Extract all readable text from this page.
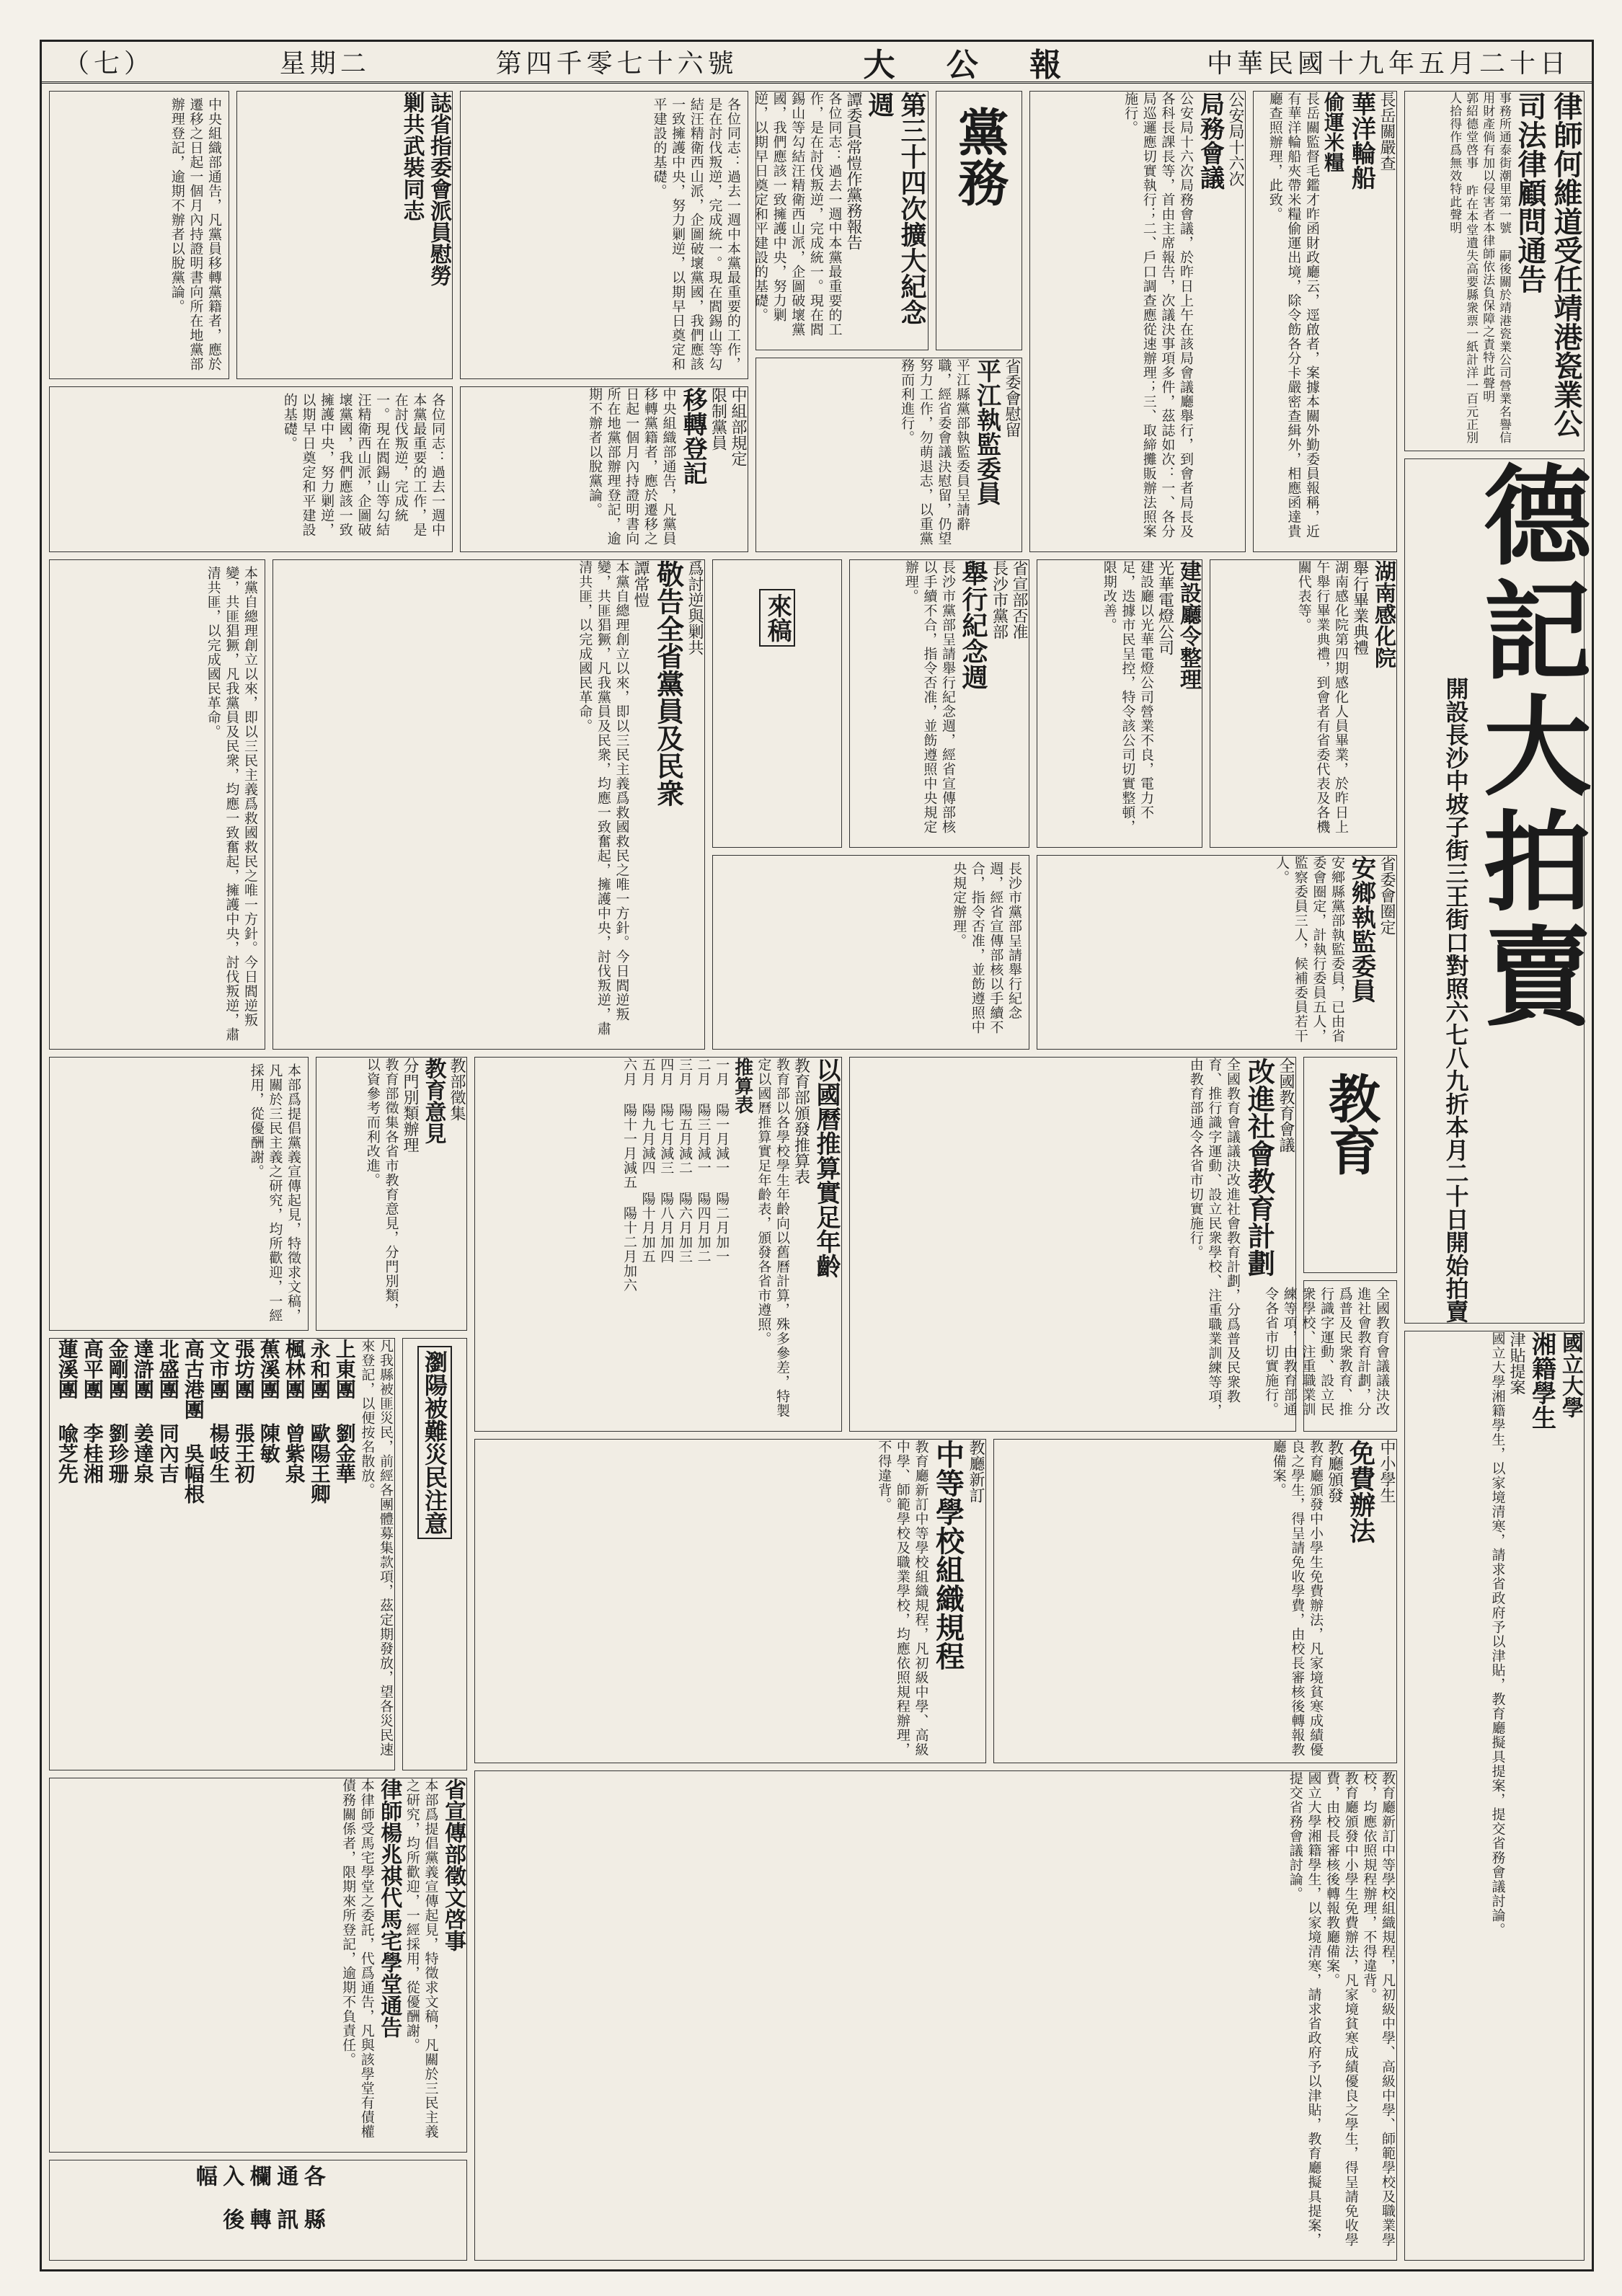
中華民國十九年五月二十日
大 公 報
第四千零七十六號
星期二
（七）
律師何維道受任靖港瓷業公司法律顧問通告
事務所通泰街潮里第一號 嗣後關於靖港瓷業公司營業名譽信用財產倘有加以侵害者本律師依法負保障之責特此聲明
郭紹德堂啓事 昨在本堂遺失高要縣衆票一紙計洋一百元正別人拾得作爲無效特此聲明
德記大拍賣
六七八九折本月二十日開始拍賣
開設長沙中坡子街三王街口對照
長岳關嚴查
華洋輪船
偷運米糧
長岳關監督毛鑑才昨函財政廳云，逕啟者，案據本關外勤委員報稱，近有華洋輪船夾帶米糧偷運出境，除令飭各分卡嚴密查緝外，相應函達貴廳查照辦理，此致。
公安局十六次
局務會議
公安局十六次局務會議，於昨日上午在該局會議廳舉行，到會者局長及各科長課長等，首由主席報告，次議決事項多件，茲誌如次：一、各分局巡邏應切實執行；二、戶口調查應從速辦理；三、取締攤販辦法照案施行。
黨務
第三十四次擴大紀念週
譚委員常愷作黨務報告
各位同志：過去一週中本黨最重要的工作，是在討伐叛逆，完成統一。現在閻錫山等勾結汪精衛西山派，企圖破壞黨國，我們應該一致擁護中央，努力剿逆，以期早日奠定和平建設的基礎。
各位同志：過去一週中本黨最重要的工作，是在討伐叛逆，完成統一。現在閻錫山等勾結汪精衛西山派，企圖破壞黨國，我們應該一致擁護中央，努力剿逆，以期早日奠定和平建設的基礎。
誌省指委會派員慰勞
剿共武裝同志
中央組織部通告，凡黨員移轉黨籍者，應於遷移之日起一個月內持證明書向所在地黨部辦理登記，逾期不辦者以脫黨論。
省委會慰留
平江執監委員
平江縣黨部執監委員呈請辭職，經省委會議決慰留，仍望努力工作，勿萌退志，以重黨務而利進行。
中組部規定
限制黨員
移轉登記
中央組織部通告，凡黨員移轉黨籍者，應於遷移之日起一個月內持證明書向所在地黨部辦理登記，逾期不辦者以脫黨論。
各位同志：過去一週中本黨最重要的工作，是在討伐叛逆，完成統一。現在閻錫山等勾結汪精衛西山派，企圖破壞黨國，我們應該一致擁護中央，努力剿逆，以期早日奠定和平建設的基礎。
湖南感化院
舉行畢業典禮
湖南感化院第四期感化人員畢業，於昨日上午舉行畢業典禮，到會者有省委代表及各機關代表等。
建設廳令整理
光華電燈公司
建設廳以光華電燈公司營業不良，電力不足，迭據市民呈控，特令該公司切實整頓，限期改善。
省宣部否准
長沙市黨部
舉行紀念週
長沙市黨部呈請舉行紀念週，經省宣傳部核以手續不合，指令否准，並飭遵照中央規定辦理。
來稿
爲討逆與剿共
敬告全省黨員及民衆
譚常愷
本黨自總理創立以來，即以三民主義爲救國救民之唯一方針。今日閻逆叛變，共匪猖獗，凡我黨員及民衆，均應一致奮起，擁護中央，討伐叛逆，肅清共匪，以完成國民革命。
本黨自總理創立以來，即以三民主義爲救國救民之唯一方針。今日閻逆叛變，共匪猖獗，凡我黨員及民衆，均應一致奮起，擁護中央，討伐叛逆，肅清共匪，以完成國民革命。
省委會圈定
安鄉執監委員
安鄉縣黨部執監委員，已由省委會圈定，計執行委員五人，監察委員三人，候補委員若干人。
長沙市黨部呈請舉行紀念週，經省宣傳部核以手續不合，指令否准，並飭遵照中央規定辦理。
國立大學
湘籍學生
津貼提案
國立大學湘籍學生，以家境清寒，請求省政府予以津貼，教育廳擬具提案，提交省務會議討論。
教育
全國教育會議
改進社會教育計劃
全國教育會議議決改進社會教育計劃，分爲普及民衆教育、推行識字運動、設立民衆學校、注重職業訓練等項，由教育部通令各省市切實施行。
全國教育會議議決改進社會教育計劃，分爲普及民衆教育、推行識字運動、設立民衆學校、注重職業訓練等項，由教育部通令各省市切實施行。
以國曆推算實足年齡
教育部頒發推算表
教育部以各學校學生年齡向以舊曆計算，殊多參差，特製定以國曆推算實足年齡表，頒發各省市遵照。
推算表
一月 陽一月減一 陽二月加一
二月 陽三月減一 陽四月加二
三月 陽五月減二 陽六月加三
四月 陽七月減三 陽八月加四
五月 陽九月減四 陽十月加五
六月 陽十一月減五 陽十二月加六
教部徵集
教育意見
分門別類辦理
教育部徵集各省市教育意見，分門別類，以資參考而利改進。
本部爲提倡黨義宣傳起見，特徵求文稿，凡關於三民主義之研究，均所歡迎，一經採用，從優酬謝。
中小學生
免費辦法
教廳頒發
教育廳頒發中小學生免費辦法，凡家境貧寒成績優良之學生，得呈請免收學費，由校長審核後轉報教廳備案。
教廳新訂
中等學校組織規程
教育廳新訂中等學校組織規程，凡初級中學、高級中學、師範學校及職業學校，均應依照規程辦理，不得違背。
教育廳新訂中等學校組織規程，凡初級中學、高級中學、師範學校及職業學校，均應依照規程辦理，不得違背。
教育廳頒發中小學生免費辦法，凡家境貧寒成績優良之學生，得呈請免收學費，由校長審核後轉報教廳備案。
國立大學湘籍學生，以家境清寒，請求省政府予以津貼，教育廳擬具提案，提交省務會議討論。
瀏陽被難災民注意
凡我縣被匪災民，前經各團體募集款項，茲定期發放，望各災民速來登記，以便按名散放。
上東團 劉金華
永和團 歐陽王卿
楓林團 曾紫泉
蕉溪團 陳敏
張坊團 張王初
文市團 楊岐生
高古港團 吳幅根
北盛團 同內吉
達滸團 姜達泉
金剛團 劉珍珊
高平團 李桂湘
蓮溪團 喩芝先
省宣傳部徵文啓事
本部爲提倡黨義宣傳起見，特徵求文稿，凡關於三民主義之研究，均所歡迎，一經採用，從優酬謝。
律師楊兆祺代馬宅學堂通告
本律師受馬宅學堂之委託，代爲通告，凡與該學堂有債權債務關係者，限期來所登記，逾期不負責任。
各縣通訊欄轉入後幅
